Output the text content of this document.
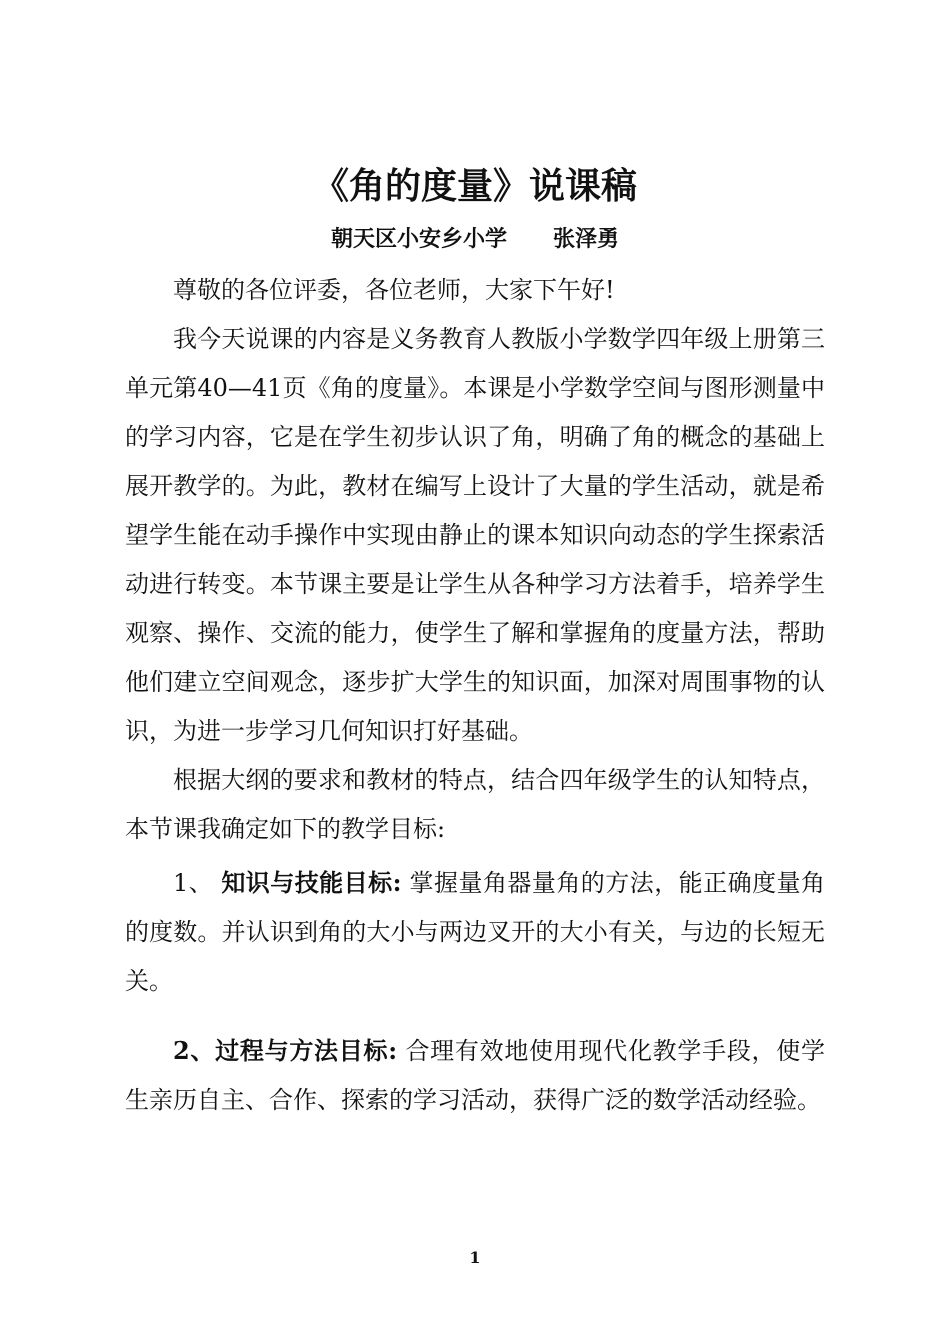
《角的度量》说课稿
朝天区小安乡小学      张泽勇

尊敬的各位评委，各位老师，大家下午好!

我今天说课的内容是义务教育人教版小学数学四年级上册第三单元第40—41页《角的度量》。本课是小学数学空间与图形测量中的学习内容，它是在学生初步认识了角，明确了角的概念的基础上展开教学的。为此，教材在编写上设计了大量的学生活动，就是希望学生能在动手操作中实现由静止的课本知识向动态的学生探索活动进行转变。本节课主要是让学生从各种学习方法着手，培养学生观察、操作、交流的能力，使学生了解和掌握角的度量方法，帮助他们建立空间观念，逐步扩大学生的知识面，加深对周围事物的认识，为进一步学习几何知识打好基础。

根据大纲的要求和教材的特点，结合四年级学生的认知特点，本节课我确定如下的教学目标:

1、 知识与技能目标: 掌握量角器量角的方法，能正确度量角的度数。并认识到角的大小与两边叉开的大小有关，与边的长短无关。

2、过程与方法目标: 合理有效地使用现代化教学手段，使学生亲历自主、合作、探索的学习活动，获得广泛的数学活动经验。

1
